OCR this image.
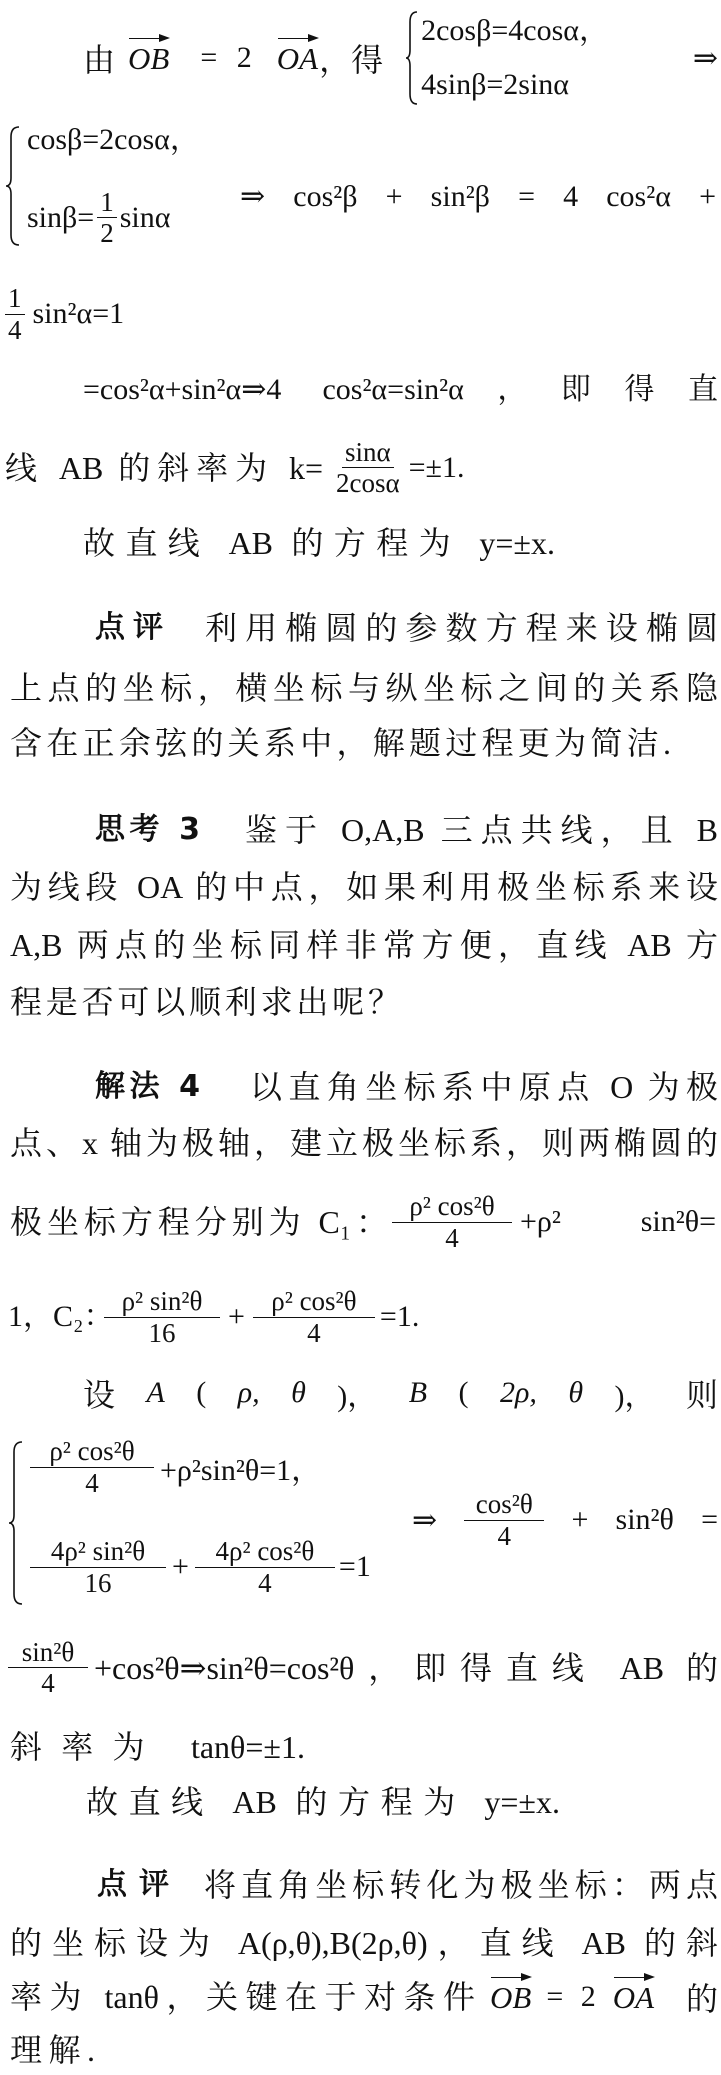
由 OB = 2 OA ，得
2cosβ=4cosα，
4sinβ=2sinα
⇒
cosβ=2cosα，
$\sin\beta= \frac{1}{2}$ sinα
⇒ cos²β + sin²β = 4 cos²α +
$\frac{1}{4} \sin^2\alpha=1$
=cos²α+sin²α⇒4 cos²α=sin²α，即得直
线 AB 的斜率为 $k= \frac{\sin\alpha}{2\cos\alpha} =\pm 1$.
故直线 AB 的方程为 y=±x.
点评 利用椭圆的参数方程来设椭圆
上点的坐标，横坐标与纵坐标之间的关系隐
含在正余弦的关系中，解题过程更为简洁.
思考 3 鉴于 O,A,B 三点共线，且 B
为线段 OA 的中点，如果利用极坐标系来设
A,B 两点的坐标同样非常方便，直线 AB 方
程是否可以顺利求出呢？
解法 4 以直角坐标系中原点 O 为极
点、x 轴为极轴，建立极坐标系，则两椭圆的
极坐标方程分别为 C₁： $\frac{\text{ρ² cos²θ}}{4} +\rho^2$ sin²θ=
1，C₂：
$\frac{\text{ρ² sin²θ}}{16} + \frac{\text{ρ² cos²θ}}{4} =1$.
设 A ( ρ, θ )， B ( 2ρ, θ )， 则
$\frac{\text{ρ² cos²θ}}{4} +\rho^2\sin^2\theta=1$，
$\frac{\text{4ρ² sin²θ}}{16} + \frac{\text{4ρ² cos²θ}}{4} =1$
⇒ $\frac{\text{cos²θ}}{4} + \sin^2\theta$ =
$\frac{\text{sin²θ}}{4}$ +cos²θ⇒sin²θ=cos²θ，即得直线 AB 的
斜率为 tanθ=±1.
故直线 AB 的方程为 y=±x.
点评 将直角坐标转化为极坐标：两点
的坐标设为 A(ρ,θ),B(2ρ,θ)，直线 AB 的斜
率为 tanθ，关键在于对条件 OB = 2 OA 的
理解.
